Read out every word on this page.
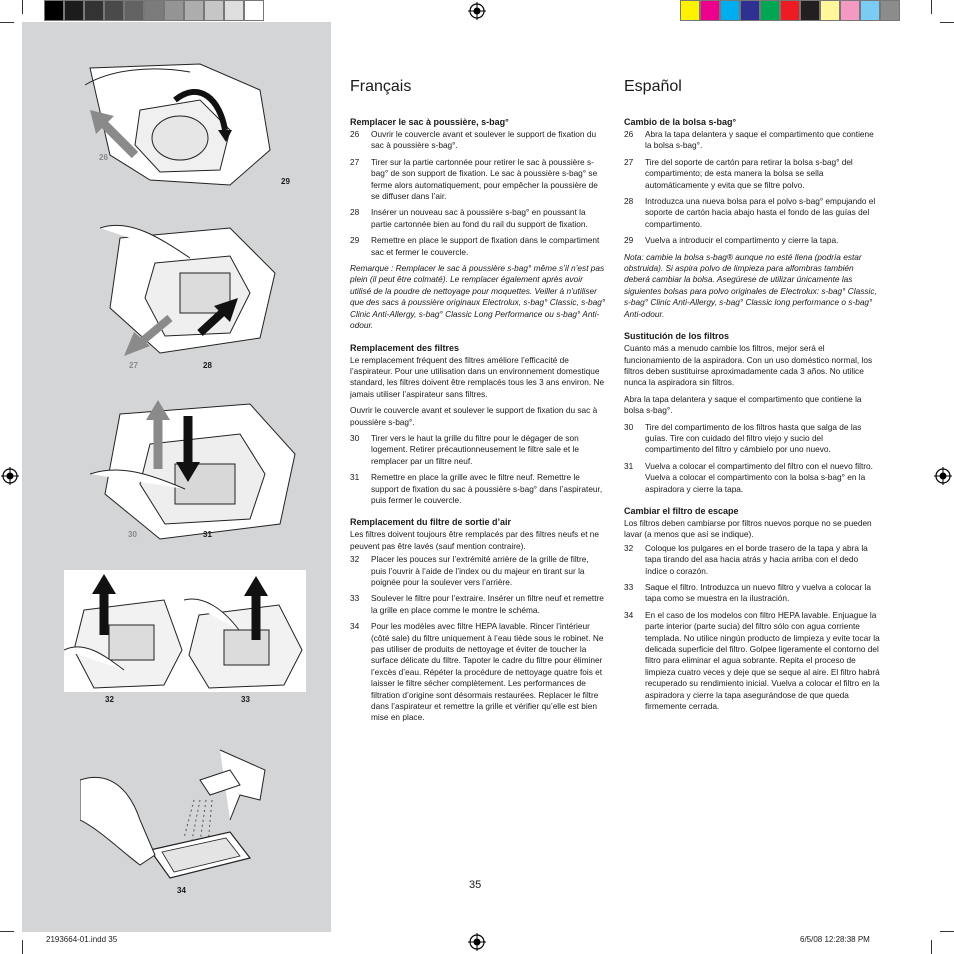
26
29
27	28
30	31
32	33
34
Français
Remplacer le sac à poussière, s-bag°
26	Ouvrir le couvercle avant et soulever le support de fixation du sac à poussière s-bag°.
27	Tirer sur la partie cartonnée pour retirer le sac à poussière s-bag° de son support de fixation. Le sac à poussière s-bag° se ferme alors automatiquement, pour empêcher la poussière de se diffuser dans l’air.
28	Insérer un nouveau sac à poussière s-bag° en poussant la partie cartonnée bien au fond du rail du support de fixation.
29	Remettre en place le support de fixation dans le compartiment sac et fermer le couvercle.

Remarque : Remplacer le sac à poussière s-bag° même s’il n’est pas plein (il peut être colmaté). Le remplacer également après avoir utilisé de la poudre de nettoyage pour moquettes. Veiller à n’utiliser que des sacs à poussière originaux Electrolux, s-bag° Classic, s-bag° Clinic Anti-Allergy, s-bag° Classic Long Performance ou s-bag° Anti-odour.

Remplacement des filtres

Le remplacement fréquent des filtres améliore l’efficacité de l’aspirateur. Pour une utilisation dans un environnement domestique standard, les filtres doivent être remplacés tous les 3 ans environ. Ne jamais utiliser l’aspirateur sans filtres.

Ouvrir le couvercle avant et soulever le support de fixation du sac à poussière s-bag°.

30	Tirer vers le haut la grille du filtre pour le dégager de son logement. Retirer précautionneusement le filtre sale et le remplacer par un filtre neuf.
31	Remettre en place la grille avec le filtre neuf. Remettre le support de fixation du sac à poussière s-bag° dans l’aspirateur, puis fermer le couvercle.
Remplacement du filtre de sortie d’air

Les filtres doivent toujours être remplacés par des filtres neufs et ne peuvent pas être lavés (sauf mention contraire).

32	Placer les pouces sur l’extrémité arrière de la grille de filtre, puis l’ouvrir à l’aide de l’index ou du majeur en tirant sur la poignée pour la soulever vers l’arrière.
33	Soulever le filtre pour l’extraire. Insérer un filtre neuf et remettre la grille en place comme le montre le schéma.
34	Pour les modèles avec filtre HEPA lavable. Rincer l’intérieur (côté sale) du filtre uniquement à l’eau tiède sous le robinet. Ne pas utiliser de produits de nettoyage et éviter de toucher la surface délicate du filtre. Tapoter le cadre du filtre pour éliminer l’excès d’eau. Répéter la procédure de nettoyage quatre fois et laisser le filtre sécher complètement. Les performances de filtration d’origine sont désormais restaurées. Replacer le filtre dans l’aspirateur et remettre la grille et vérifier qu’elle est bien mise en place.
Español
Cambio de la bolsa s-bag°
26	Abra la tapa delantera y saque el compartimento que contiene la bolsa s-bag°.
27	Tire del soporte de cartón para retirar la bolsa s-bag° del compartimento; de esta manera la bolsa se sella automáticamente y evita que se filtre polvo.
28	Introduzca una nueva bolsa para el polvo s-bag° empujando el soporte de cartón hacia abajo hasta el fondo de las guías del compartimento.
29	Vuelva a introducir el compartimento y cierre la tapa.

Nota: cambie la bolsa s-bag® aunque no esté llena (podría estar obstruida). Si aspira polvo de limpieza para alfombras también deberá cambiar la bolsa. Asegúrese de utilizar únicamente las siguientes bolsas para polvo originales de Electrolux: s-bag° Classic, s-bag° Clinic Anti-Allergy, s-bag° Classic long performance o s-bag° Anti-odour.

Sustitución de los filtros

Cuanto más a menudo cambie los filtros, mejor será el funcionamiento de la aspiradora. Con un uso doméstico normal, los filtros deben sustituirse aproximadamente cada 3 años. No utilice nunca la aspiradora sin filtros.

Abra la tapa delantera y saque el compartimento que contiene la bolsa s-bag°.

30	Tire del compartimento de los filtros hasta que salga de las guías. Tire con cuidado del filtro viejo y sucio del compartimento del filtro y cámbielo por uno nuevo.
31	Vuelva a colocar el compartimento del filtro con el nuevo filtro. Vuelva a colocar el compartimento con la bolsa s-bag° en la aspiradora y cierre la tapa.
Cambiar el filtro de escape

Los filtros deben cambiarse por filtros nuevos porque no se pueden lavar (a menos que así se indique).

32	Coloque los pulgares en el borde trasero de la tapa y abra la tapa tirando del asa hacia atrás y hacia arriba con el dedo índice o corazón.
33	Saque el filtro. Introduzca un nuevo filtro y vuelva a colocar la tapa como se muestra en la ilustración.
34	En el caso de los modelos con filtro HEPA lavable. Enjuague la parte interior (parte sucia) del filtro sólo con agua corriente templada. No utilice ningún producto de limpieza y evite tocar la delicada superficie del filtro. Golpee ligeramente el contorno del filtro para eliminar el agua sobrante. Repita el proceso de limpieza cuatro veces y deje que se seque al aire. El filtro habrá recuperado su rendimiento inicial. Vuelva a colocar el filtro en la aspiradora y cierre la tapa asegurándose de que queda firmemente cerrada.
35
2193664-01.indd 35	6/5/08 12:28:38 PM
